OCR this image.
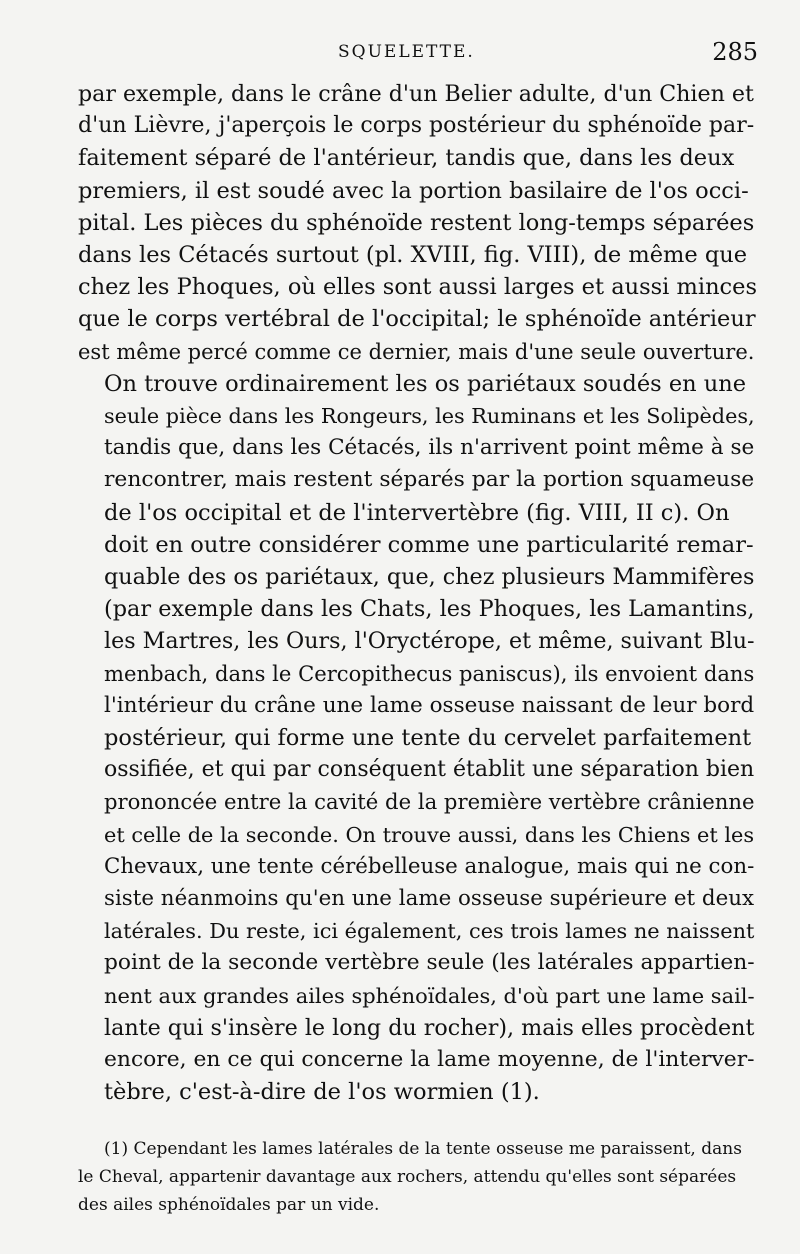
SQUELETTE.	285
par exemple, dans le crâne d'un Belier adulte, d'un Chien et
d'un Lièvre, j'aperçois le corps postérieur du sphénoïde par-
faitement séparé de l'antérieur, tandis que, dans les deux
premiers, il est soudé avec la portion basilaire de l'os occi-
pital. Les pièces du sphénoïde restent long-temps séparées
dans les Cétacés surtout (pl. XVIII, fig. VIII), de même que
chez les Phoques, où elles sont aussi larges et aussi minces
que le corps vertébral de l'occipital; le sphénoïde antérieur
est même percé comme ce dernier, mais d'une seule ouverture.
On trouve ordinairement les os pariétaux soudés en une
seule pièce dans les Rongeurs, les Ruminans et les Solipèdes,
tandis que, dans les Cétacés, ils n'arrivent point même à se
rencontrer, mais restent séparés par la portion squameuse
de l'os occipital et de l'intervertèbre (fig. VIII, II c). On
doit en outre considérer comme une particularité remar-
quable des os pariétaux, que, chez plusieurs Mammifères
(par exemple dans les Chats, les Phoques, les Lamantins,
les Martres, les Ours, l'Oryctérope, et même, suivant Blu-
menbach, dans le Cercopithecus paniscus), ils envoient dans
l'intérieur du crâne une lame osseuse naissant de leur bord
postérieur, qui forme une tente du cervelet parfaitement
ossifiée, et qui par conséquent établit une séparation bien
prononcée entre la cavité de la première vertèbre crânienne
et celle de la seconde. On trouve aussi, dans les Chiens et les
Chevaux, une tente cérébelleuse analogue, mais qui ne con-
siste néanmoins qu'en une lame osseuse supérieure et deux
latérales. Du reste, ici également, ces trois lames ne naissent
point de la seconde vertèbre seule (les latérales appartien-
nent aux grandes ailes sphénoïdales, d'où part une lame sail-
lante qui s'insère le long du rocher), mais elles procèdent
encore, en ce qui concerne la lame moyenne, de l'interver-
tèbre, c'est-à-dire de l'os wormien (1).
(1) Cependant les lames latérales de la tente osseuse me paraissent, dans
le Cheval, appartenir davantage aux rochers, attendu qu'elles sont séparées
des ailes sphénoïdales par un vide.
